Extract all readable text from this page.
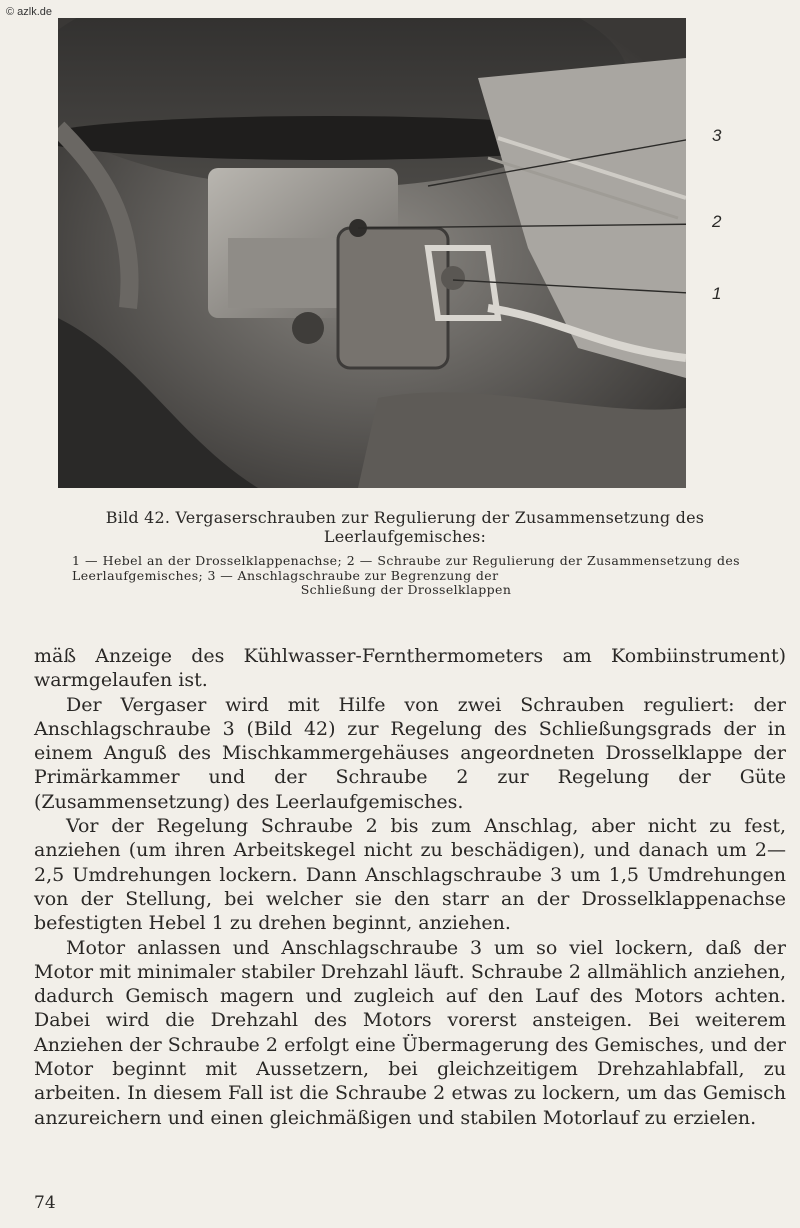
© azlk.de
3
2
1
Bild 42. Vergaserschrauben zur Regulierung der Zusammensetzung des Leerlaufgemisches:
1 — Hebel an der Drosselklappenachse; 2 — Schraube zur Regulierung der Zusammensetzung des Leerlaufgemisches; 3 — Anschlagschraube zur Begrenzung der
Schließung der Drosselklappen

mäß Anzeige des Kühlwasser-Fernthermometers am Kombiinstrument) warmgelaufen ist.

Der Vergaser wird mit Hilfe von zwei Schrauben reguliert: der Anschlagschraube 3 (Bild 42) zur Regelung des Schließungsgrads der in einem Anguß des Mischkammergehäuses angeordneten Drosselklappe der Primärkammer und der Schraube 2 zur Regelung der Güte (Zusammensetzung) des Leerlaufgemisches.

Vor der Regelung Schraube 2 bis zum Anschlag, aber nicht zu fest, anziehen (um ihren Arbeitskegel nicht zu beschädigen), und danach um 2—2,5 Umdrehungen lockern. Dann Anschlagschraube 3 um 1,5 Umdrehungen von der Stellung, bei welcher sie den starr an der Drosselklappenachse befestigten Hebel 1 zu drehen beginnt, anziehen.

Motor anlassen und Anschlagschraube 3 um so viel lockern, daß der Motor mit minimaler stabiler Drehzahl läuft. Schraube 2 allmählich anziehen, dadurch Gemisch magern und zugleich auf den Lauf des Motors achten. Dabei wird die Drehzahl des Motors vorerst ansteigen. Bei weiterem Anziehen der Schraube 2 erfolgt eine Übermagerung des Gemisches, und der Motor beginnt mit Aussetzern, bei gleichzeitigem Drehzahlabfall, zu arbeiten. In diesem Fall ist die Schraube 2 etwas zu lockern, um das Gemisch anzureichern und einen gleichmäßigen und stabilen Motorlauf zu erzielen.

74
